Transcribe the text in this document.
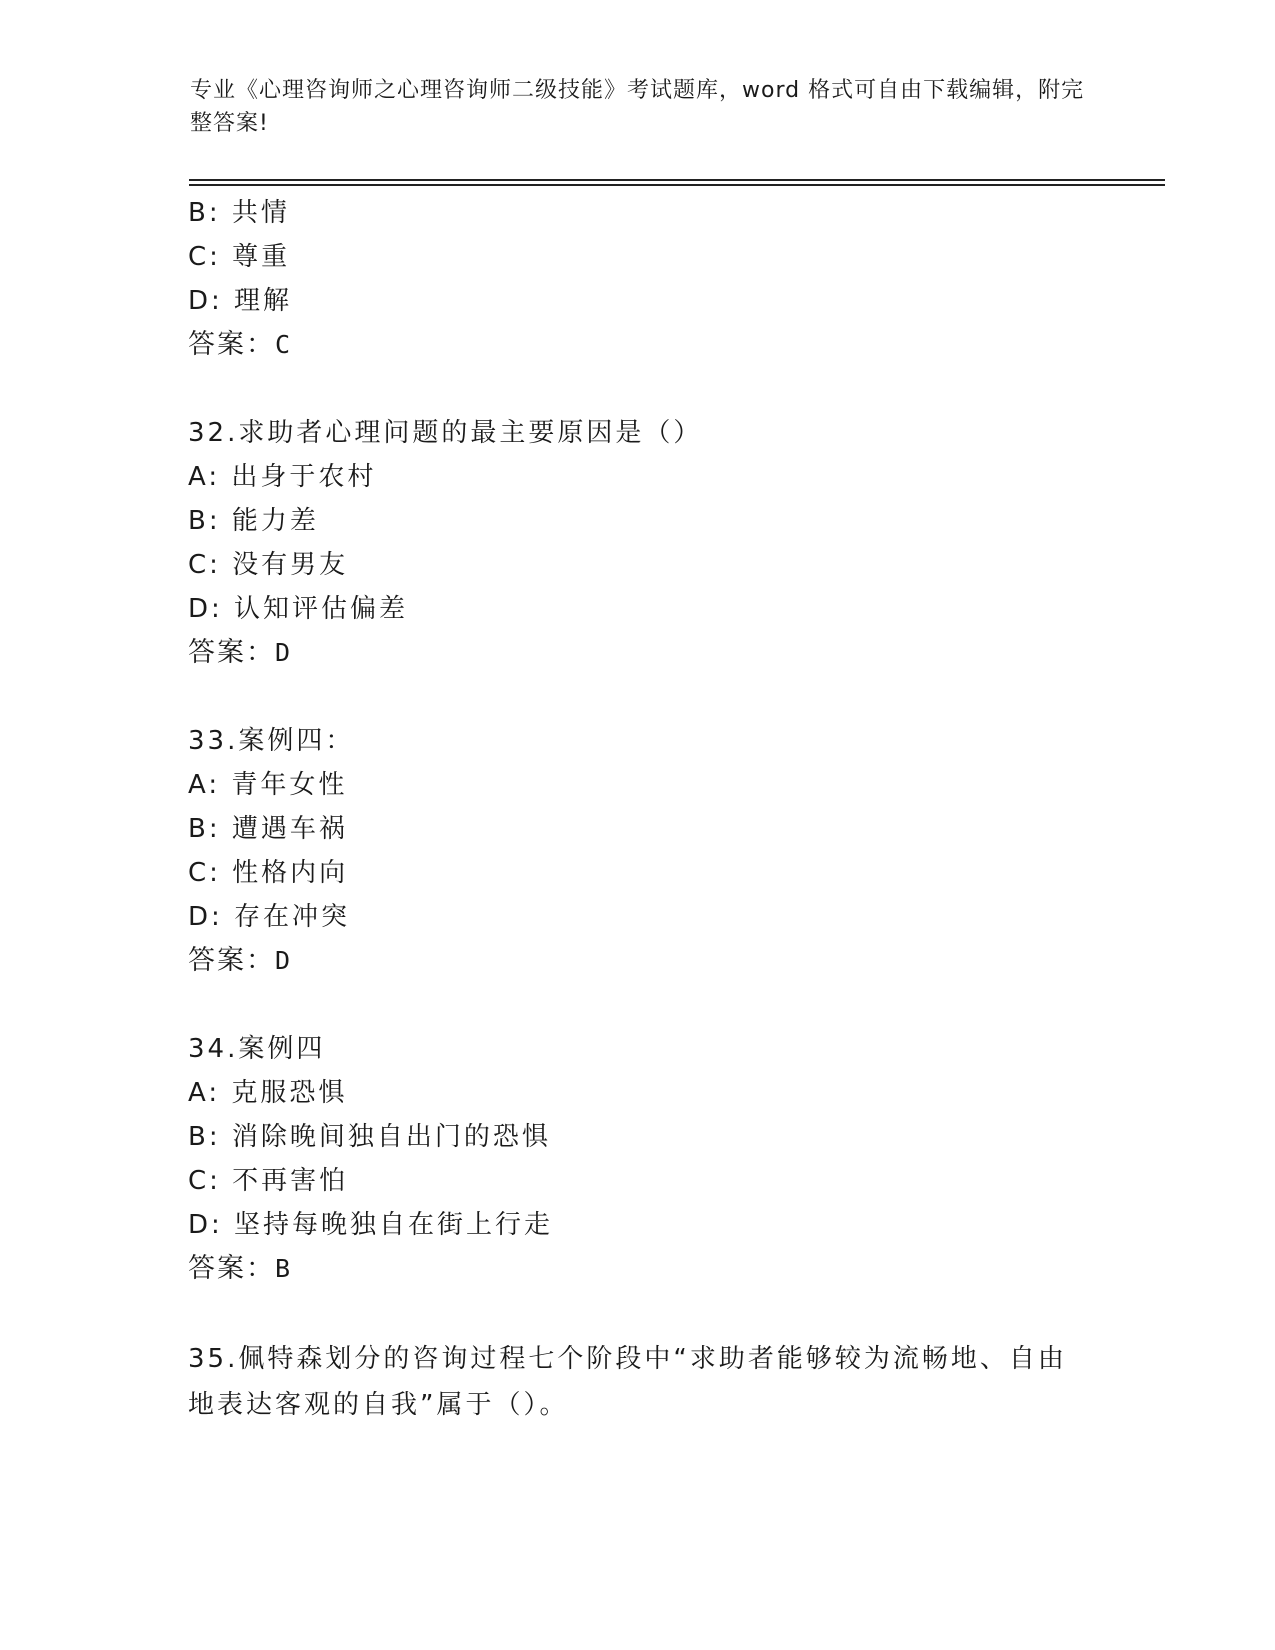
专业《心理咨询师之心理咨询师二级技能》考试题库，word 格式可自由下载编辑，附完整答案!

B: 共情

C: 尊重

D: 理解

答案：C

32.求助者心理问题的最主要原因是（）

A: 出身于农村

B: 能力差

C: 没有男友

D: 认知评估偏差

答案：D

33.案例四：

A: 青年女性

B: 遭遇车祸

C: 性格内向

D: 存在冲突

答案：D

34.案例四

A: 克服恐惧

B: 消除晚间独自出门的恐惧

C: 不再害怕

D: 坚持每晚独自在街上行走

答案：B

35.佩特森划分的咨询过程七个阶段中“求助者能够较为流畅地、自由地表达客观的自我”属于（）。
